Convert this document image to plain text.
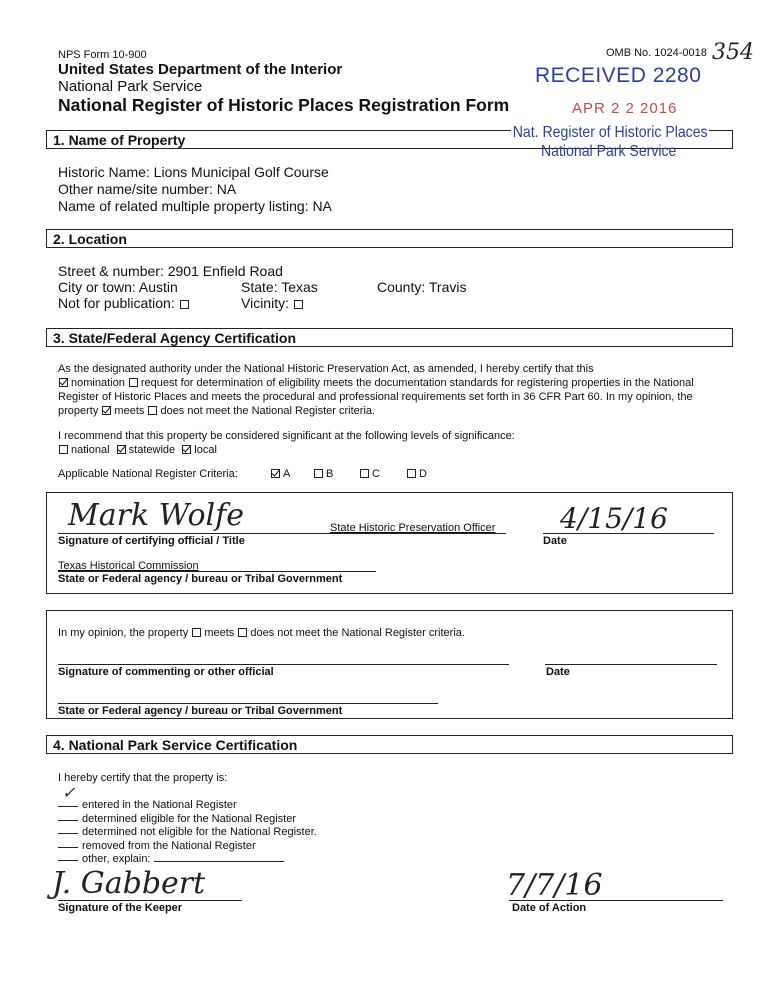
NPS Form 10-900	OMB No. 1024-0018 354
United States Department of the Interior
National Park Service
National Register of Historic Places Registration Form
RECEIVED 2280
APR 2 2 2016
1. Name of Property	Nat. Register of Historic Places
National Park Service
Historic Name: Lions Municipal Golf Course
Other name/site number: NA
Name of related multiple property listing: NA
2. Location
Street & number: 2901 Enfield Road
City or town: Austin	State: Texas	County: Travis
Not for publication:	Vicinity:
3. State/Federal Agency Certification
As the designated authority under the National Historic Preservation Act, as amended, I hereby certify that this
nomination request for determination of eligibility meets the documentation standards for registering properties in the National
Register of Historic Places and meets the procedural and professional requirements set forth in 36 CFR Part 60. In my opinion, the
property meets does not meet the National Register criteria.
I recommend that this property be considered significant at the following levels of significance:
national statewide local
Applicable National Register Criteria:	A	B	C	D
Mark Wolfe	State Historic Preservation Officer
Signature of certifying official / Title
4/15/16
Date
Texas Historical Commission
State or Federal agency / bureau or Tribal Government
In my opinion, the property meets does not meet the National Register criteria.
Signature of commenting or other official	Date
State or Federal agency / bureau or Tribal Government
4. National Park Service Certification
I hereby certify that the property is:
✓
entered in the National Register
determined eligible for the National Register
determined not eligible for the National Register.
removed from the National Register
other, explain:
J. Gabbert
Signature of the Keeper
7/7/16
Date of Action
